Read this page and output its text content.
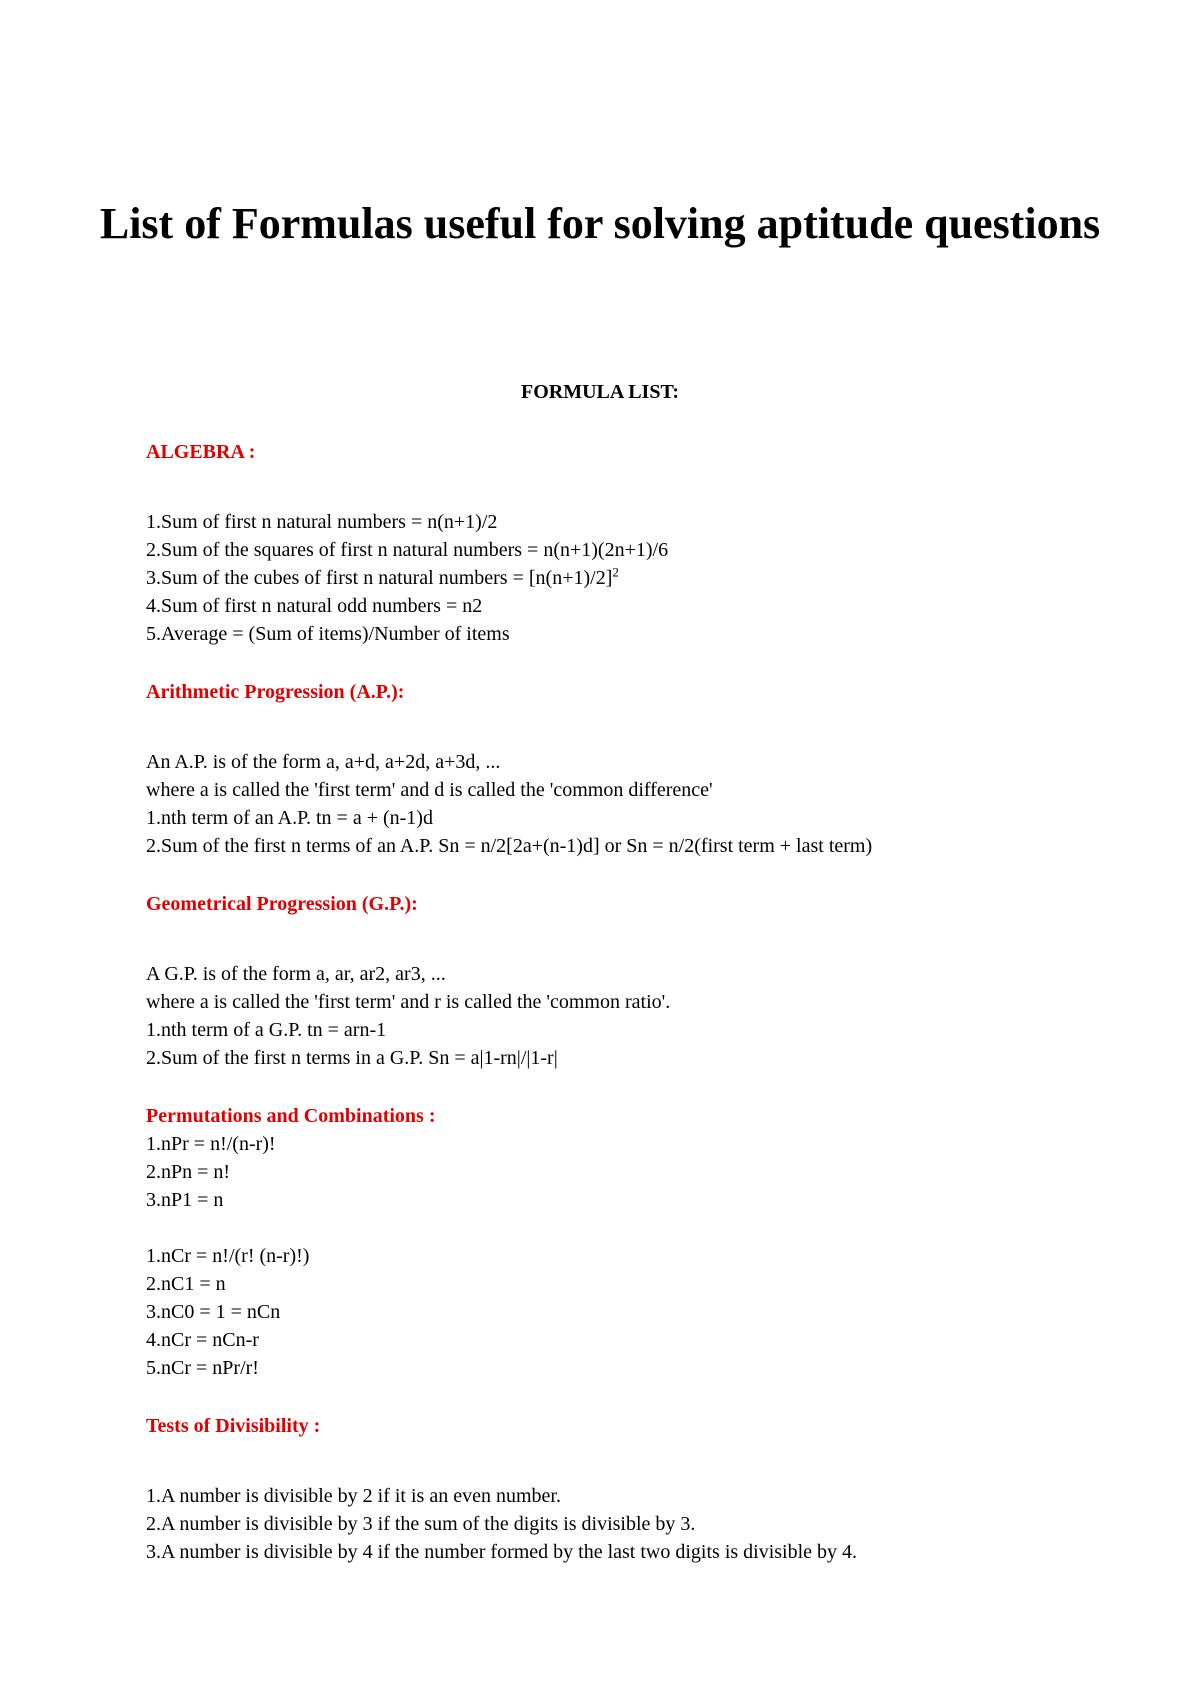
List of Formulas useful for solving aptitude questions

FORMULA LIST:

ALGEBRA :

1.Sum of first n natural numbers = n(n+1)/2

2.Sum of the squares of first n natural numbers = n(n+1)(2n+1)/6

3.Sum of the cubes of first n natural numbers = $[n(n+1)/2]^2$

4.Sum of first n natural odd numbers = n2

5.Average = (Sum of items)/Number of items

Arithmetic Progression (A.P.):

An A.P. is of the form a, a+d, a+2d, a+3d, ...

where a is called the 'first term' and d is called the 'common difference'

1.nth term of an A.P. tn = a + (n-1)d

2.Sum of the first n terms of an A.P. Sn = n/2[2a+(n-1)d] or Sn = n/2(first term + last term)

Geometrical Progression (G.P.):

A G.P. is of the form a, ar, ar2, ar3, ...

where a is called the 'first term' and r is called the 'common ratio'.

1.nth term of a G.P. tn = arn-1

2.Sum of the first n terms in a G.P. Sn = a|1-rn|/|1-r|

Permutations and Combinations :

1.nPr = n!/(n-r)!

2.nPn = n!

3.nP1 = n

1.nCr = n!/(r! (n-r)!)

2.nC1 = n

3.nC0 = 1 = nCn

4.nCr = nCn-r

5.nCr = nPr/r!

Tests of Divisibility :

1.A number is divisible by 2 if it is an even number.

2.A number is divisible by 3 if the sum of the digits is divisible by 3.

3.A number is divisible by 4 if the number formed by the last two digits is divisible by 4.
